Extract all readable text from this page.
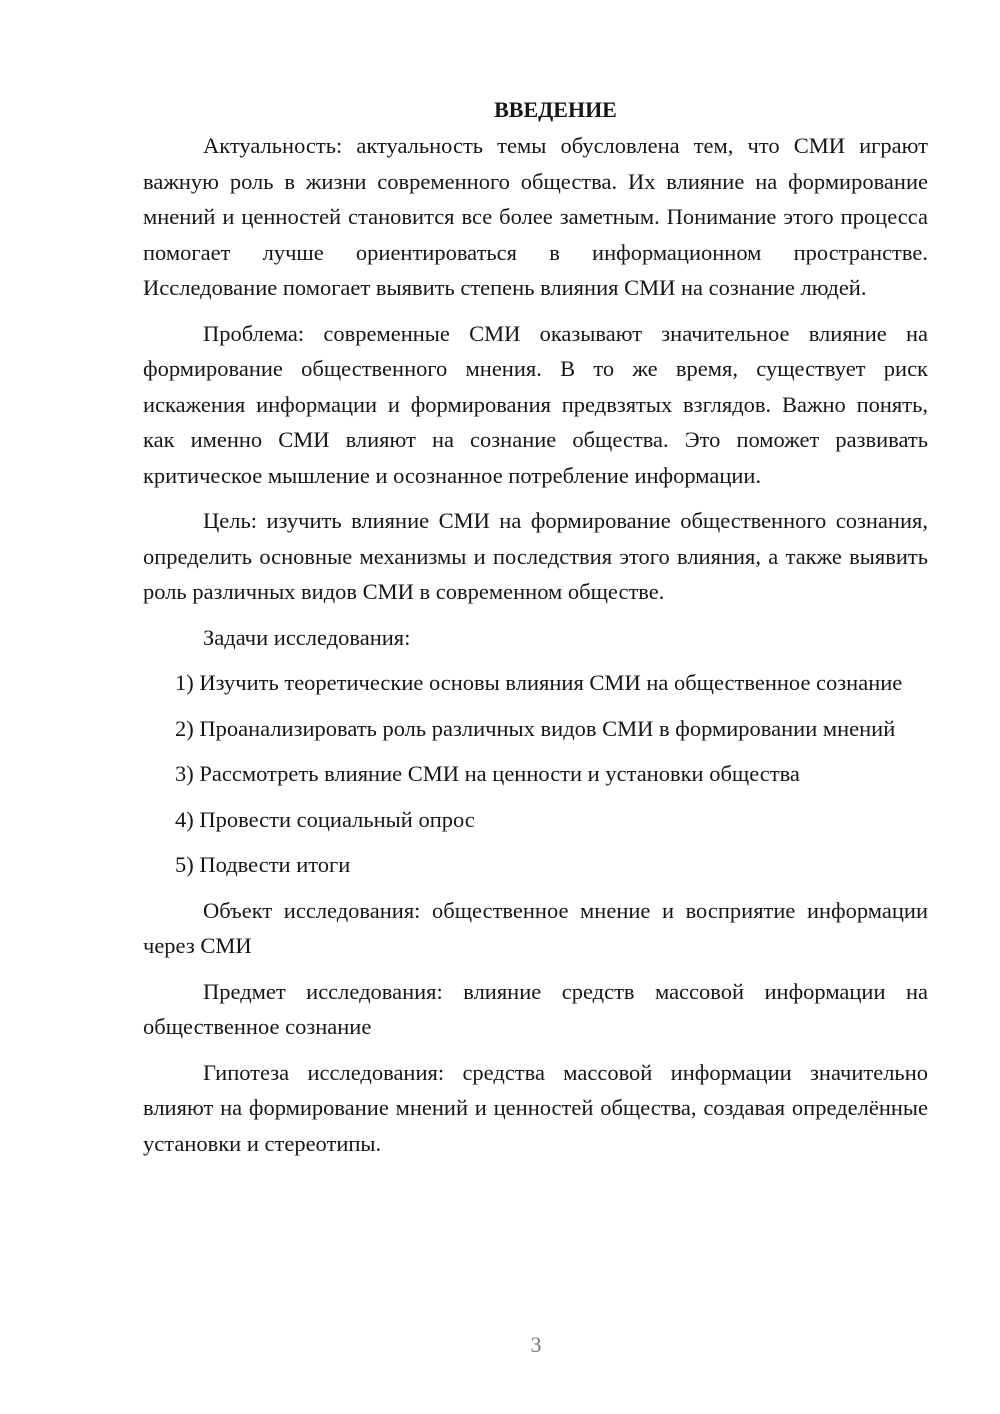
ВВЕДЕНИЕ

Актуальность: актуальность темы обусловлена тем, что СМИ играют важную роль в жизни современного общества. Их влияние на формирование мнений и ценностей становится все более заметным. Понимание этого процесса помогает лучше ориентироваться в информационном пространстве. Исследование помогает выявить степень влияния СМИ на сознание людей.

Проблема: современные СМИ оказывают значительное влияние на формирование общественного мнения. В то же время, существует риск искажения информации и формирования предвзятых взглядов. Важно понять, как именно СМИ влияют на сознание общества. Это поможет развивать критическое мышление и осознанное потребление информации.

Цель: изучить влияние СМИ на формирование общественного сознания, определить основные механизмы и последствия этого влияния, а также выявить роль различных видов СМИ в современном обществе.

Задачи исследования:

1) Изучить теоретические основы влияния СМИ на общественное сознание

2) Проанализировать роль различных видов СМИ в формировании мнений

3) Рассмотреть влияние СМИ на ценности и установки общества

4) Провести социальный опрос

5) Подвести итоги

Объект исследования: общественное мнение и восприятие информации через СМИ

Предмет исследования: влияние средств массовой информации на общественное сознание

Гипотеза исследования: средства массовой информации значительно влияют на формирование мнений и ценностей общества, создавая определённые установки и стереотипы.

3
